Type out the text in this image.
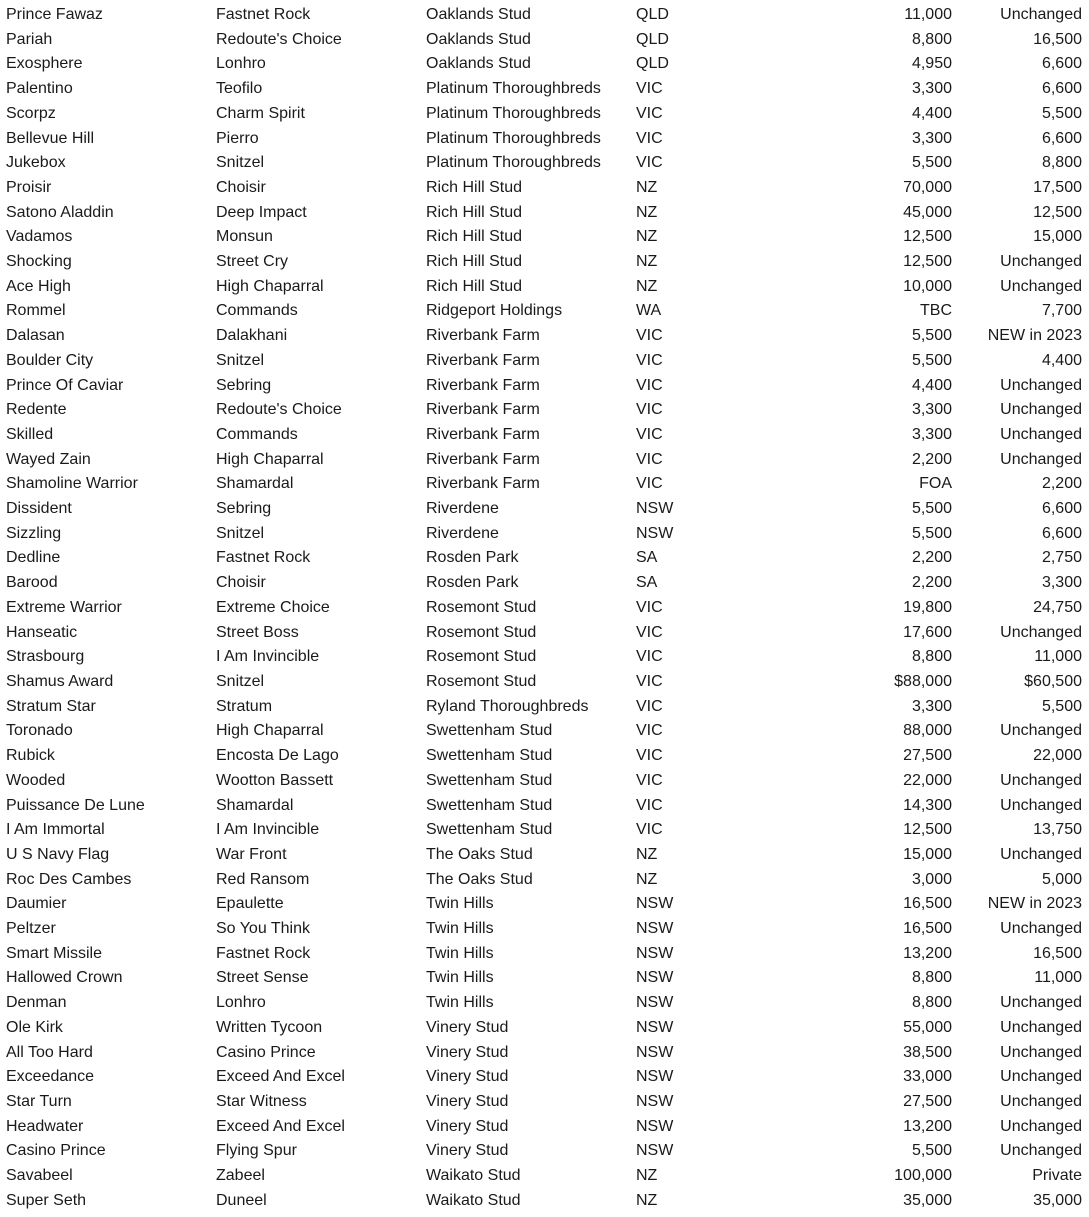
Prince Fawaz	Fastnet Rock	Oaklands Stud	QLD	11,000	Unchanged
Pariah	Redoute's Choice	Oaklands Stud	QLD	8,800	16,500
Exosphere	Lonhro	Oaklands Stud	QLD	4,950	6,600
Palentino	Teofilo	Platinum Thoroughbreds	VIC	3,300	6,600
Scorpz	Charm Spirit	Platinum Thoroughbreds	VIC	4,400	5,500
Bellevue Hill	Pierro	Platinum Thoroughbreds	VIC	3,300	6,600
Jukebox	Snitzel	Platinum Thoroughbreds	VIC	5,500	8,800
Proisir	Choisir	Rich Hill Stud	NZ	70,000	17,500
Satono Aladdin	Deep Impact	Rich Hill Stud	NZ	45,000	12,500
Vadamos	Monsun	Rich Hill Stud	NZ	12,500	15,000
Shocking	Street Cry	Rich Hill Stud	NZ	12,500	Unchanged
Ace High	High Chaparral	Rich Hill Stud	NZ	10,000	Unchanged
Rommel	Commands	Ridgeport Holdings	WA	TBC	7,700
Dalasan	Dalakhani	Riverbank Farm	VIC	5,500	NEW in 2023
Boulder City	Snitzel	Riverbank Farm	VIC	5,500	4,400
Prince Of Caviar	Sebring	Riverbank Farm	VIC	4,400	Unchanged
Redente	Redoute's Choice	Riverbank Farm	VIC	3,300	Unchanged
Skilled	Commands	Riverbank Farm	VIC	3,300	Unchanged
Wayed Zain	High Chaparral	Riverbank Farm	VIC	2,200	Unchanged
Shamoline Warrior	Shamardal	Riverbank Farm	VIC	FOA	2,200
Dissident	Sebring	Riverdene	NSW	5,500	6,600
Sizzling	Snitzel	Riverdene	NSW	5,500	6,600
Dedline	Fastnet Rock	Rosden Park	SA	2,200	2,750
Barood	Choisir	Rosden Park	SA	2,200	3,300
Extreme Warrior	Extreme Choice	Rosemont Stud	VIC	19,800	24,750
Hanseatic	Street Boss	Rosemont Stud	VIC	17,600	Unchanged
Strasbourg	I Am Invincible	Rosemont Stud	VIC	8,800	11,000
Shamus Award	Snitzel	Rosemont Stud	VIC	$88,000	$60,500
Stratum Star	Stratum	Ryland Thoroughbreds	VIC	3,300	5,500
Toronado	High Chaparral	Swettenham Stud	VIC	88,000	Unchanged
Rubick	Encosta De Lago	Swettenham Stud	VIC	27,500	22,000
Wooded	Wootton Bassett	Swettenham Stud	VIC	22,000	Unchanged
Puissance De Lune	Shamardal	Swettenham Stud	VIC	14,300	Unchanged
I Am Immortal	I Am Invincible	Swettenham Stud	VIC	12,500	13,750
U S Navy Flag	War Front	The Oaks Stud	NZ	15,000	Unchanged
Roc Des Cambes	Red Ransom	The Oaks Stud	NZ	3,000	5,000
Daumier	Epaulette	Twin Hills	NSW	16,500	NEW in 2023
Peltzer	So You Think	Twin Hills	NSW	16,500	Unchanged
Smart Missile	Fastnet Rock	Twin Hills	NSW	13,200	16,500
Hallowed Crown	Street Sense	Twin Hills	NSW	8,800	11,000
Denman	Lonhro	Twin Hills	NSW	8,800	Unchanged
Ole Kirk	Written Tycoon	Vinery Stud	NSW	55,000	Unchanged
All Too Hard	Casino Prince	Vinery Stud	NSW	38,500	Unchanged
Exceedance	Exceed And Excel	Vinery Stud	NSW	33,000	Unchanged
Star Turn	Star Witness	Vinery Stud	NSW	27,500	Unchanged
Headwater	Exceed And Excel	Vinery Stud	NSW	13,200	Unchanged
Casino Prince	Flying Spur	Vinery Stud	NSW	5,500	Unchanged
Savabeel	Zabeel	Waikato Stud	NZ	100,000	Private
Super Seth	Duneel	Waikato Stud	NZ	35,000	35,000
